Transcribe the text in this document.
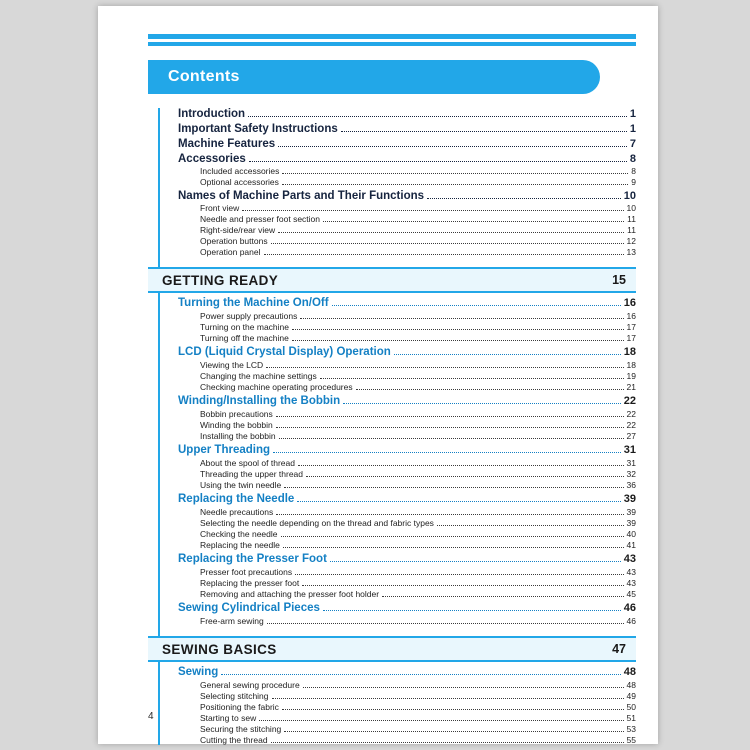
Contents
Introduction	1
Important Safety Instructions	1
Machine Features	7
Accessories	8
Included accessories	8
Optional accessories	9
Names of Machine Parts and Their Functions	10
Front view	10
Needle and presser foot section	11
Right-side/rear view	11
Operation buttons	12
Operation panel	13
GETTING READY	15
Turning the Machine On/Off	16
Power supply precautions	16
Turning on the machine	17
Turning off the machine	17
LCD (Liquid Crystal Display) Operation	18
Viewing the LCD	18
Changing the machine settings	19
Checking machine operating procedures	21
Winding/Installing the Bobbin	22
Bobbin precautions	22
Winding the bobbin	22
Installing the bobbin	27
Upper Threading	31
About the spool of thread	31
Threading the upper thread	32
Using the twin needle	36
Replacing the Needle	39
Needle precautions	39
Selecting the needle depending on the thread and fabric types	39
Checking the needle	40
Replacing the needle	41
Replacing the Presser Foot	43
Presser foot precautions	43
Replacing the presser foot	43
Removing and attaching the presser foot holder	45
Sewing Cylindrical Pieces	46
Free-arm sewing	46
SEWING BASICS	47
Sewing	48
General sewing procedure	48
Selecting stitching	49
Positioning the fabric	50
Starting to sew	51
Securing the stitching	53
Cutting the thread	55
4
